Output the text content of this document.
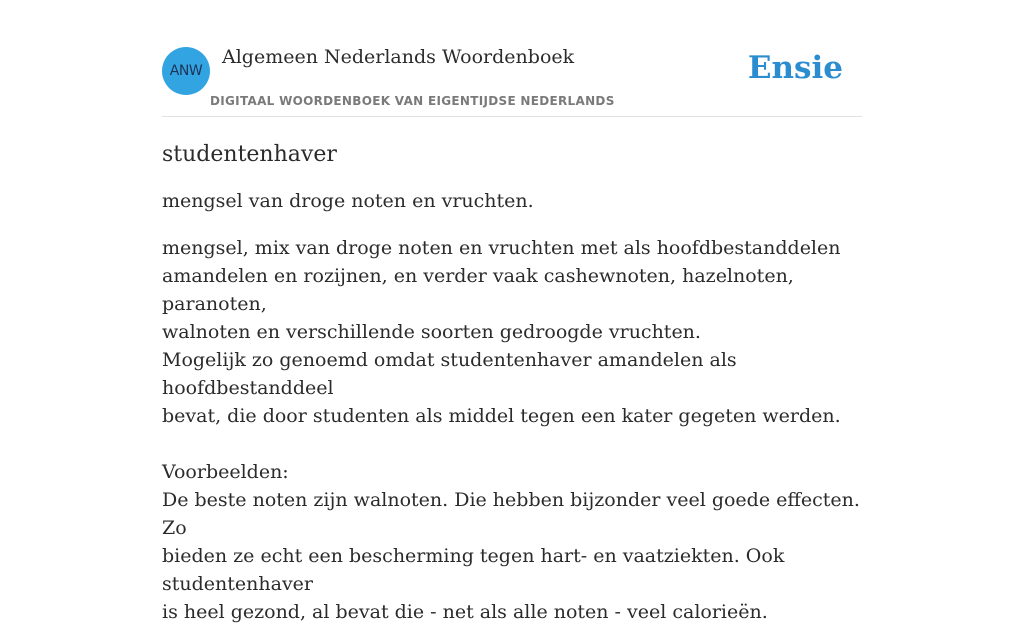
ANW
Algemeen Nederlands Woordenboek
DIGITAAL WOORDENBOEK VAN EIGENTIJDSE NEDERLANDS
Ensie
studentenhaver

mengsel van droge noten en vruchten.

mengsel, mix van droge noten en vruchten met als hoofdbestanddelen
amandelen en rozijnen, en verder vaak cashewnoten, hazelnoten, paranoten,
walnoten en verschillende soorten gedroogde vruchten.
Mogelijk zo genoemd omdat studentenhaver amandelen als hoofdbestanddeel
bevat, die door studenten als middel tegen een kater gegeten werden.
Voorbeelden:
De beste noten zijn walnoten. Die hebben bijzonder veel goede effecten. Zo
bieden ze echt een bescherming tegen hart- en vaatziekten. Ook studentenhaver
is heel gezond, al bevat die - net als alle noten - veel calorieën.
